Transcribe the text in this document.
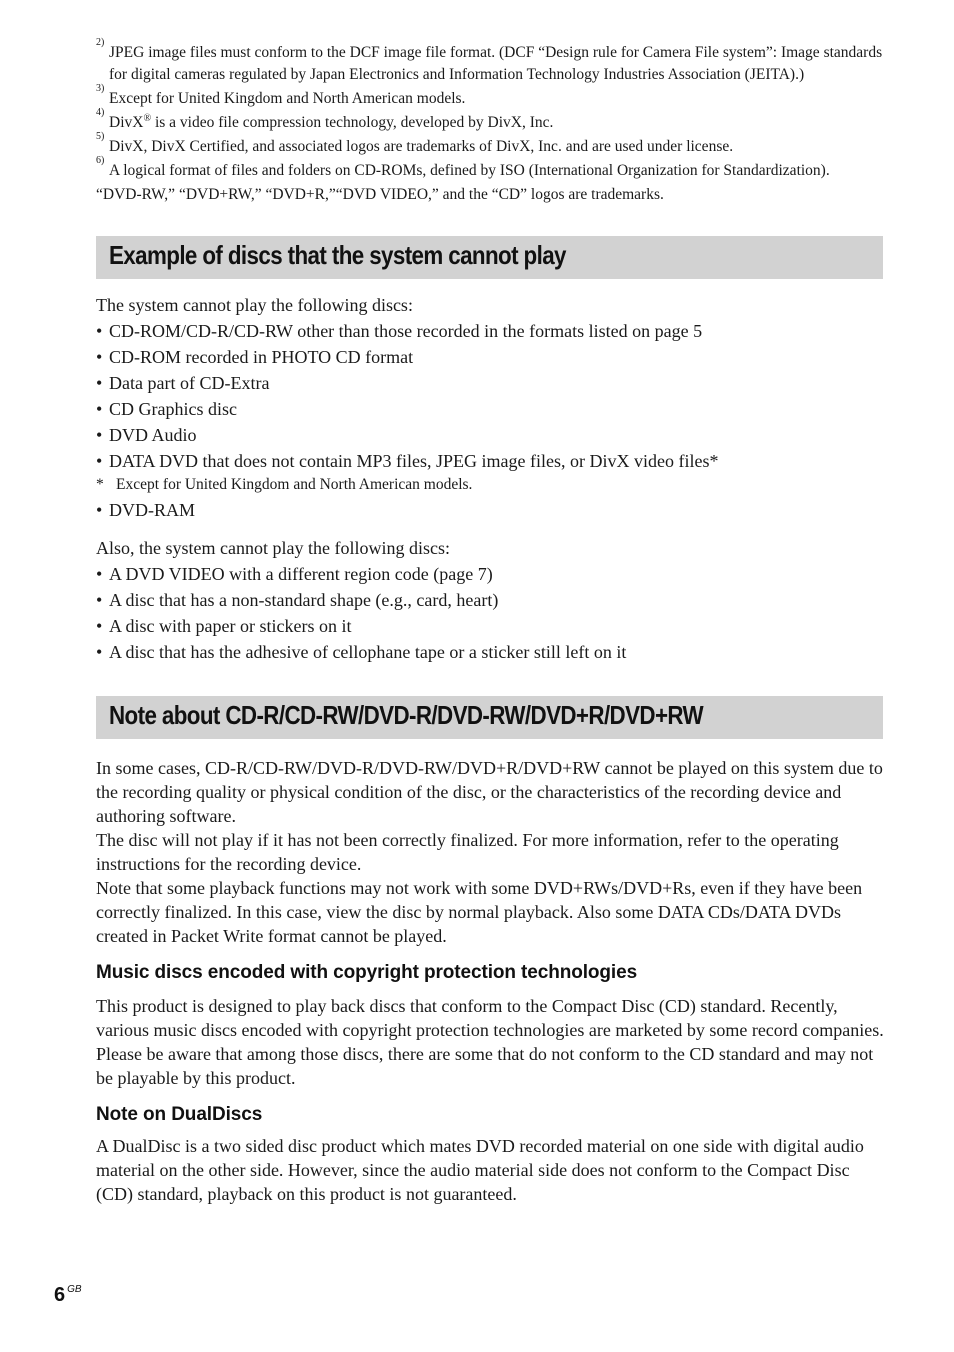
2)
JPEG image files must conform to the DCF image file format. (DCF “Design rule for Camera File system”: Image standards for digital cameras regulated by Japan Electronics and Information Technology Industries Association (JEITA).)

3)
Except for United Kingdom and North American models.

4)
DivX® is a video file compression technology, developed by DivX, Inc.

5)
DivX, DivX Certified, and associated logos are trademarks of DivX, Inc. and are used under license.

6)
A logical format of files and folders on CD-ROMs, defined by ISO (International Organization for Standardization).

“DVD-RW,” “DVD+RW,” “DVD+R,”“DVD VIDEO,” and the “CD” logos are trademarks.

Example of discs that the system cannot play

The system cannot play the following discs:

• CD-ROM/CD-R/CD-RW other than those recorded in the formats listed on page 5

• CD-ROM recorded in PHOTO CD format

• Data part of CD-Extra

• CD Graphics disc

• DVD Audio

• DATA DVD that does not contain MP3 files, JPEG image files, or DivX video files*

* Except for United Kingdom and North American models.

• DVD-RAM

Also, the system cannot play the following discs:

• A DVD VIDEO with a different region code (page 7)

• A disc that has a non-standard shape (e.g., card, heart)

• A disc with paper or stickers on it

• A disc that has the adhesive of cellophane tape or a sticker still left on it

Note about CD-R/CD-RW/DVD-R/DVD-RW/DVD+R/DVD+RW

In some cases, CD-R/CD-RW/DVD-R/DVD-RW/DVD+R/DVD+RW cannot be played on this system due to the recording quality or physical condition of the disc, or the characteristics of the recording device and authoring software.

The disc will not play if it has not been correctly finalized. For more information, refer to the operating instructions for the recording device.

Note that some playback functions may not work with some DVD+RWs/DVD+Rs, even if they have been correctly finalized. In this case, view the disc by normal playback. Also some DATA CDs/DATA DVDs created in Packet Write format cannot be played.

Music discs encoded with copyright protection technologies

This product is designed to play back discs that conform to the Compact Disc (CD) standard. Recently, various music discs encoded with copyright protection technologies are marketed by some record companies. Please be aware that among those discs, there are some that do not conform to the CD standard and may not be playable by this product.

Note on DualDiscs

A DualDisc is a two sided disc product which mates DVD recorded material on one side with digital audio material on the other side. However, since the audio material side does not conform to the Compact Disc (CD) standard, playback on this product is not guaranteed.

6 $^{GB}$
